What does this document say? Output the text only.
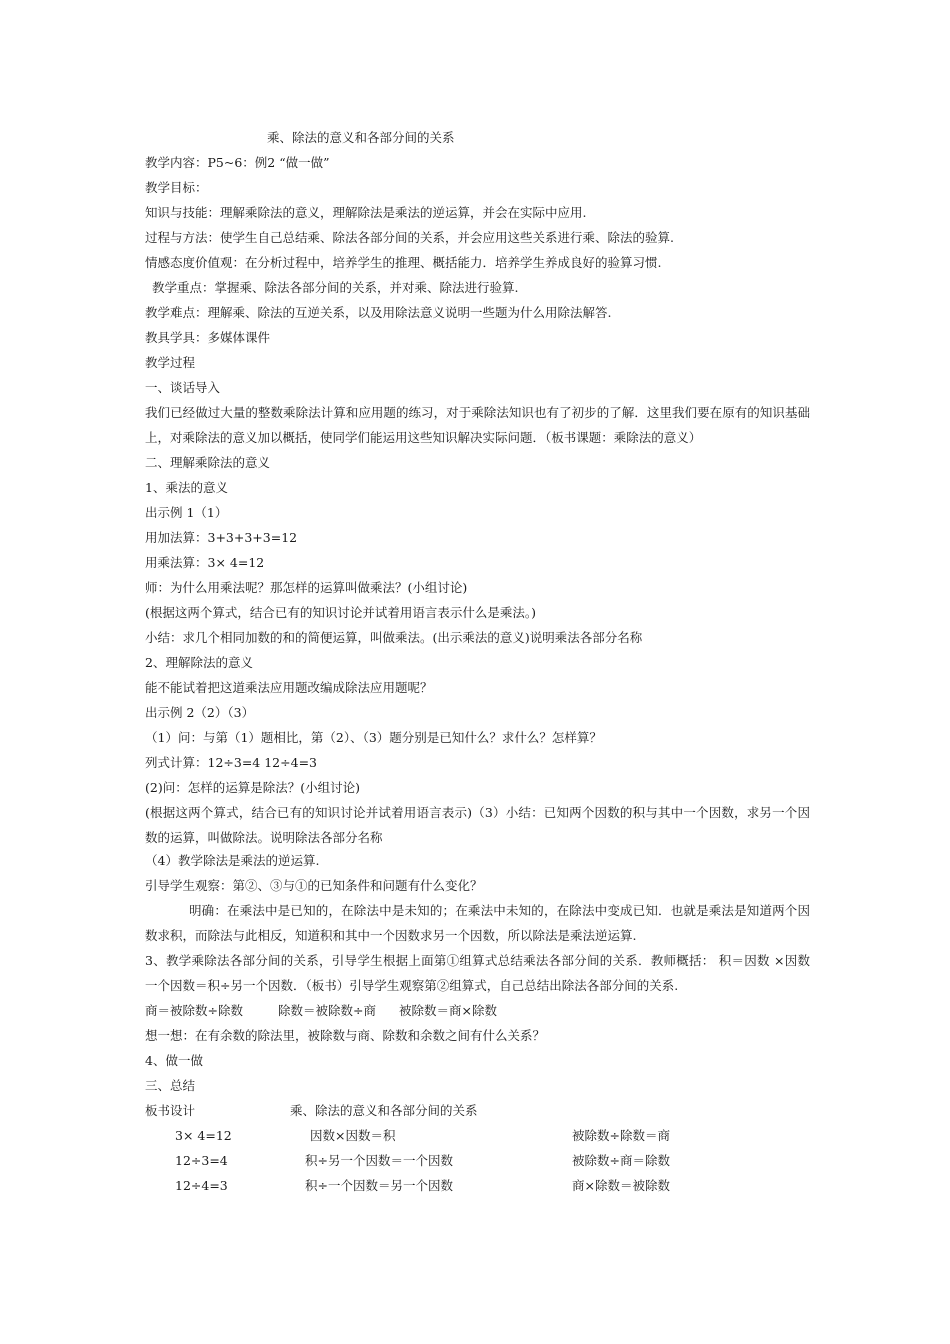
乘、除法的意义和各部分间的关系
教学内容：P5~6：例2 “做一做”
教学目标：
知识与技能：理解乘除法的意义，理解除法是乘法的逆运算，并会在实际中应用.
过程与方法：使学生自己总结乘、除法各部分间的关系，并会应用这些关系进行乘、除法的验算.
情感态度价值观：在分析过程中，培养学生的推理、概括能力．培养学生养成良好的验算习惯.
教学重点：掌握乘、除法各部分间的关系，并对乘、除法进行验算.
教学难点：理解乘、除法的互逆关系，以及用除法意义说明一些题为什么用除法解答.
教具学具：多媒体课件
教学过程
一、谈话导入
我们已经做过大量的整数乘除法计算和应用题的练习，对于乘除法知识也有了初步的了解．这里我们要在原有的知识基础上，对乘除法的意义加以概括，使同学们能运用这些知识解决实际问题．（板书课题：乘除法的意义）
二、理解乘除法的意义
1、乘法的意义
出示例 1（1）
用加法算：3+3+3+3=12
用乘法算：3× 4=12
师：为什么用乘法呢？那怎样的运算叫做乘法？(小组讨论)
(根据这两个算式，结合已有的知识讨论并试着用语言表示什么是乘法。)
小结：求几个相同加数的和的简便运算，叫做乘法。(出示乘法的意义)说明乘法各部分名称
2、理解除法的意义
能不能试着把这道乘法应用题改编成除法应用题呢？
出示例 2（2）（3）
（1）问：与第（1）题相比，第（2）、（3）题分别是已知什么？求什么？怎样算？
列式计算：12÷3=4 12÷4=3
(2)问：怎样的运算是除法？(小组讨论)
(根据这两个算式，结合已有的知识讨论并试着用语言表示)（3）小结：已知两个因数的积与其中一个因数，求另一个因数的运算，叫做除法。说明除法各部分名称
（4）教学除法是乘法的逆运算.
引导学生观察：第②、③与①的已知条件和问题有什么变化？
明确：在乘法中是已知的，在除法中是未知的；在乘法中未知的，在除法中变成已知．也就是乘法是知道两个因数求积，而除法与此相反，知道积和其中一个因数求另一个因数，所以除法是乘法逆运算.
3、教学乘除法各部分间的关系，引导学生根据上面第①组算式总结乘法各部分间的关系．教师概括： 积＝因数 ×因数 一个因数＝积÷另一个因数．（板书）引导学生观察第②组算式，自己总结出除法各部分间的关系.
商＝被除数÷除数	除数＝被除数÷商 被除数＝商×除数
想一想：在有余数的除法里，被除数与商、除数和余数之间有什么关系？
4、做一做
三、总结
板书设计	乘、除法的意义和各部分间的关系
3× 4=12	因数×因数＝积	被除数÷除数＝商
12÷3=4	积÷另一个因数＝一个因数	被除数÷商＝除数
12÷4=3	积÷一个因数＝另一个因数	商×除数＝被除数
